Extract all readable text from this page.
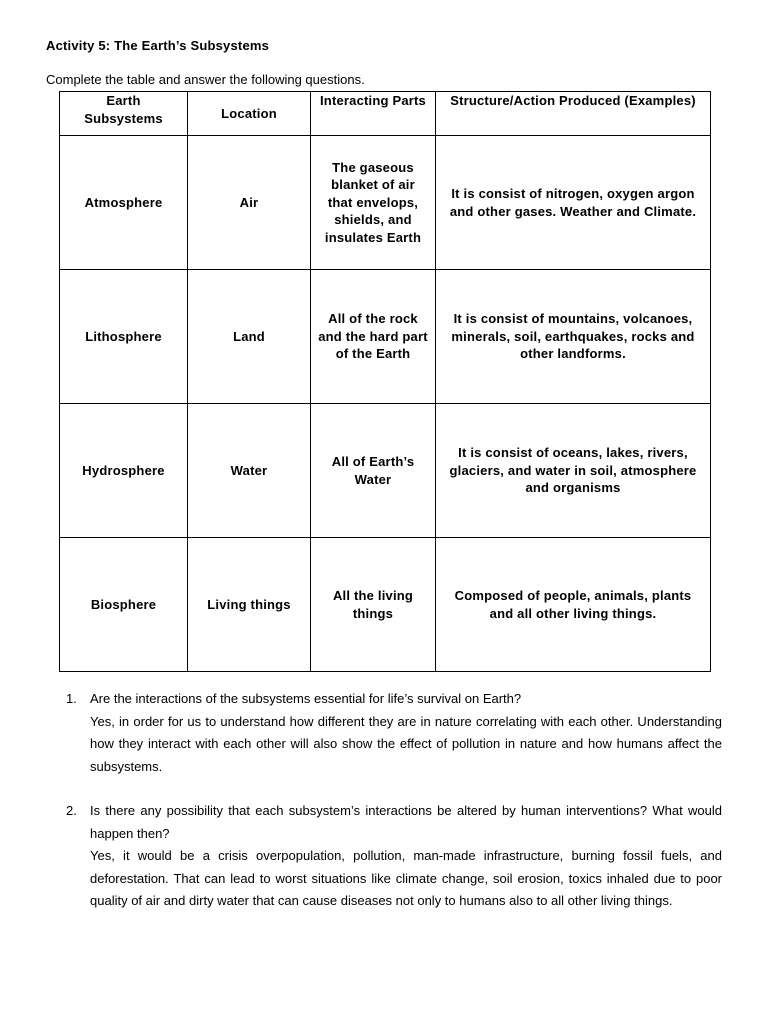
Activity 5: The Earth’s Subsystems
Complete the table and answer the following questions.
Earth Subsystems	Location	Interacting Parts	Structure/Action Produced (Examples)
Atmosphere	Air	The gaseous blanket of air that envelops, shields, and insulates Earth	It is consist of nitrogen, oxygen argon and other gases. Weather and Climate.
Lithosphere	Land	All of the rock and the hard part of the Earth	It is consist of mountains, volcanoes, minerals, soil, earthquakes, rocks and other landforms.
Hydrosphere	Water	All of Earth’s Water	It is consist of oceans, lakes, rivers, glaciers, and water in soil, atmosphere and organisms
Biosphere	Living things	All the living things	Composed of people, animals, plants and all other living things.
1.	Are the interactions of the subsystems essential for life’s survival on Earth?
Yes, in order for us to understand how different they are in nature correlating with each other. Understanding how they interact with each other will also show the effect of pollution in nature and how humans affect the subsystems.
2.	Is there any possibility that each subsystem’s interactions be altered by human interventions? What would happen then?
Yes, it would be a crisis overpopulation, pollution, man-made infrastructure, burning fossil fuels, and deforestation. That can lead to worst situations like climate change, soil erosion, toxics inhaled due to poor quality of air and dirty water that can cause diseases not only to humans also to all other living things.
